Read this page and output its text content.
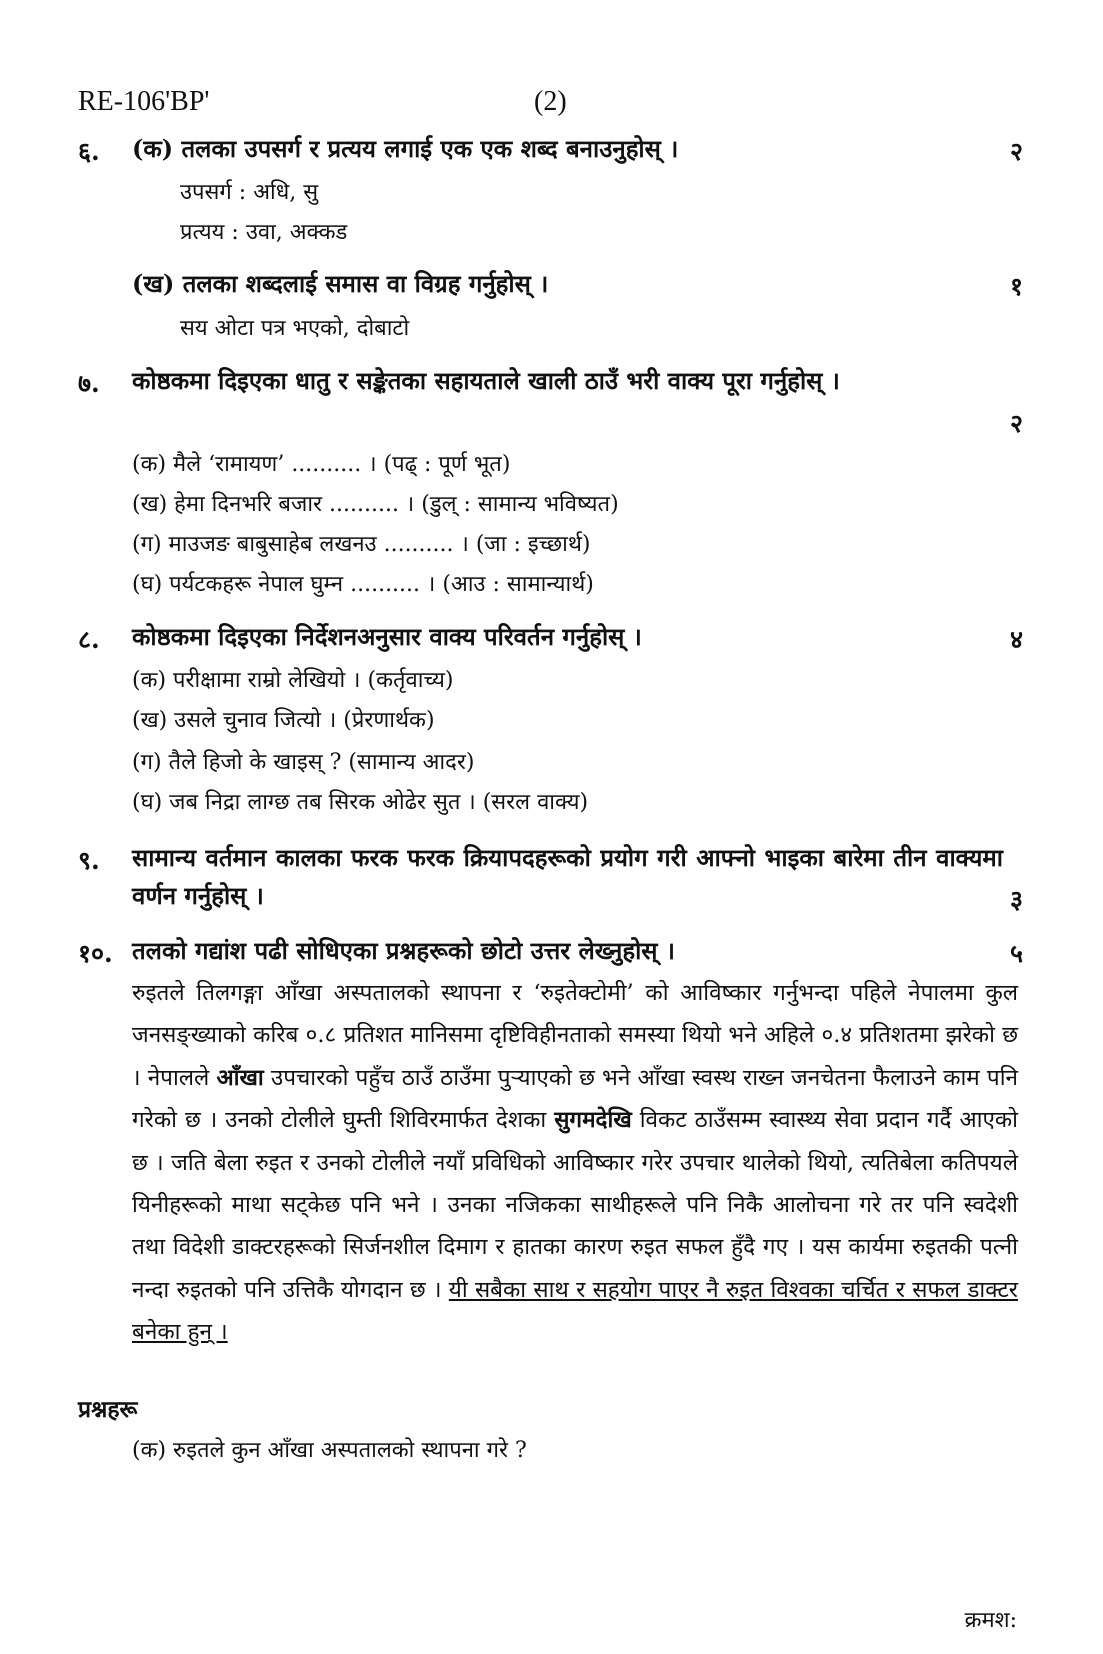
RE-106'BP'	(2)
६. (क) तलका उपसर्ग र प्रत्यय लगाई एक एक शब्द बनाउनुहोस् ।	२
उपसर्ग : अधि, सु
प्रत्यय : उवा, अक्कड
(ख) तलका शब्दलाई समास वा विग्रह गर्नुहोस् ।	१
सय ओटा पत्र भएको, दोबाटो
७. कोष्ठकमा दिइएका धातु र सङ्केतका सहायताले खाली ठाउँ भरी वाक्य पूरा गर्नुहोस् ।
२
(क) मैले ‘रामायण’ .......... । (पढ् : पूर्ण भूत)
(ख) हेमा दिनभरि बजार .......... । (डुल् : सामान्य भविष्यत)
(ग) माउजङ बाबुसाहेब लखनउ .......... । (जा : इच्छार्थ)
(घ) पर्यटकहरू नेपाल घुम्न .......... । (आउ : सामान्यार्थ)
८. कोष्ठकमा दिइएका निर्देशनअनुसार वाक्य परिवर्तन गर्नुहोस् ।	४
(क) परीक्षामा राम्रो लेखियो । (कर्तृवाच्य)
(ख) उसले चुनाव जित्यो । (प्रेरणार्थक)
(ग) तैले हिजो के खाइस् ? (सामान्य आदर)
(घ) जब निद्रा लाग्छ तब सिरक ओढेर सुत । (सरल वाक्य)
९. सामान्य वर्तमान कालका फरक फरक क्रियापदहरूको प्रयोग गरी आफ्नो भाइका बारेमा तीन वाक्यमा वर्णन गर्नुहोस् ।	३
१०. तलको गद्यांश पढी सोधिएका प्रश्नहरूको छोटो उत्तर लेख्नुहोस् ।	५
रुइतले तिलगङ्गा आँखा अस्पतालको स्थापना र ‘रुइतेक्टोमी’ को आविष्कार गर्नुभन्दा पहिले नेपालमा कुल जनसङ्ख्याको करिब ०.८ प्रतिशत मानिसमा दृष्टिविहीनताको समस्या थियो भने अहिले ०.४ प्रतिशतमा झरेको छ । नेपालले आँखा उपचारको पहुँच ठाउँ ठाउँमा पुऱ्याएको छ भने आँखा स्वस्थ राख्न जनचेतना फैलाउने काम पनि गरेको छ । उनको टोलीले घुम्ती शिविरमार्फत देशका सुगमदेखि विकट ठाउँसम्म स्वास्थ्य सेवा प्रदान गर्दै आएको छ । जति बेला रुइत र उनको टोलीले नयाँ प्रविधिको आविष्कार गरेर उपचार थालेको थियो, त्यतिबेला कतिपयले यिनीहरूको माथा सट्केछ पनि भने । उनका नजिकका साथीहरूले पनि निकै आलोचना गरे तर पनि स्वदेशी तथा विदेशी डाक्टरहरूको सिर्जनशील दिमाग र हातका कारण रुइत सफल हुँदै गए । यस कार्यमा रुइतकी पत्नी नन्दा रुइतको पनि उत्तिकै योगदान छ । यी सबैका साथ र सहयोग पाएर नै रुइत विश्वका चर्चित र सफल डाक्टर बनेका हुन् ।
प्रश्नहरू
(क) रुइतले कुन आँखा अस्पतालको स्थापना गरे ?
क्रमश:
